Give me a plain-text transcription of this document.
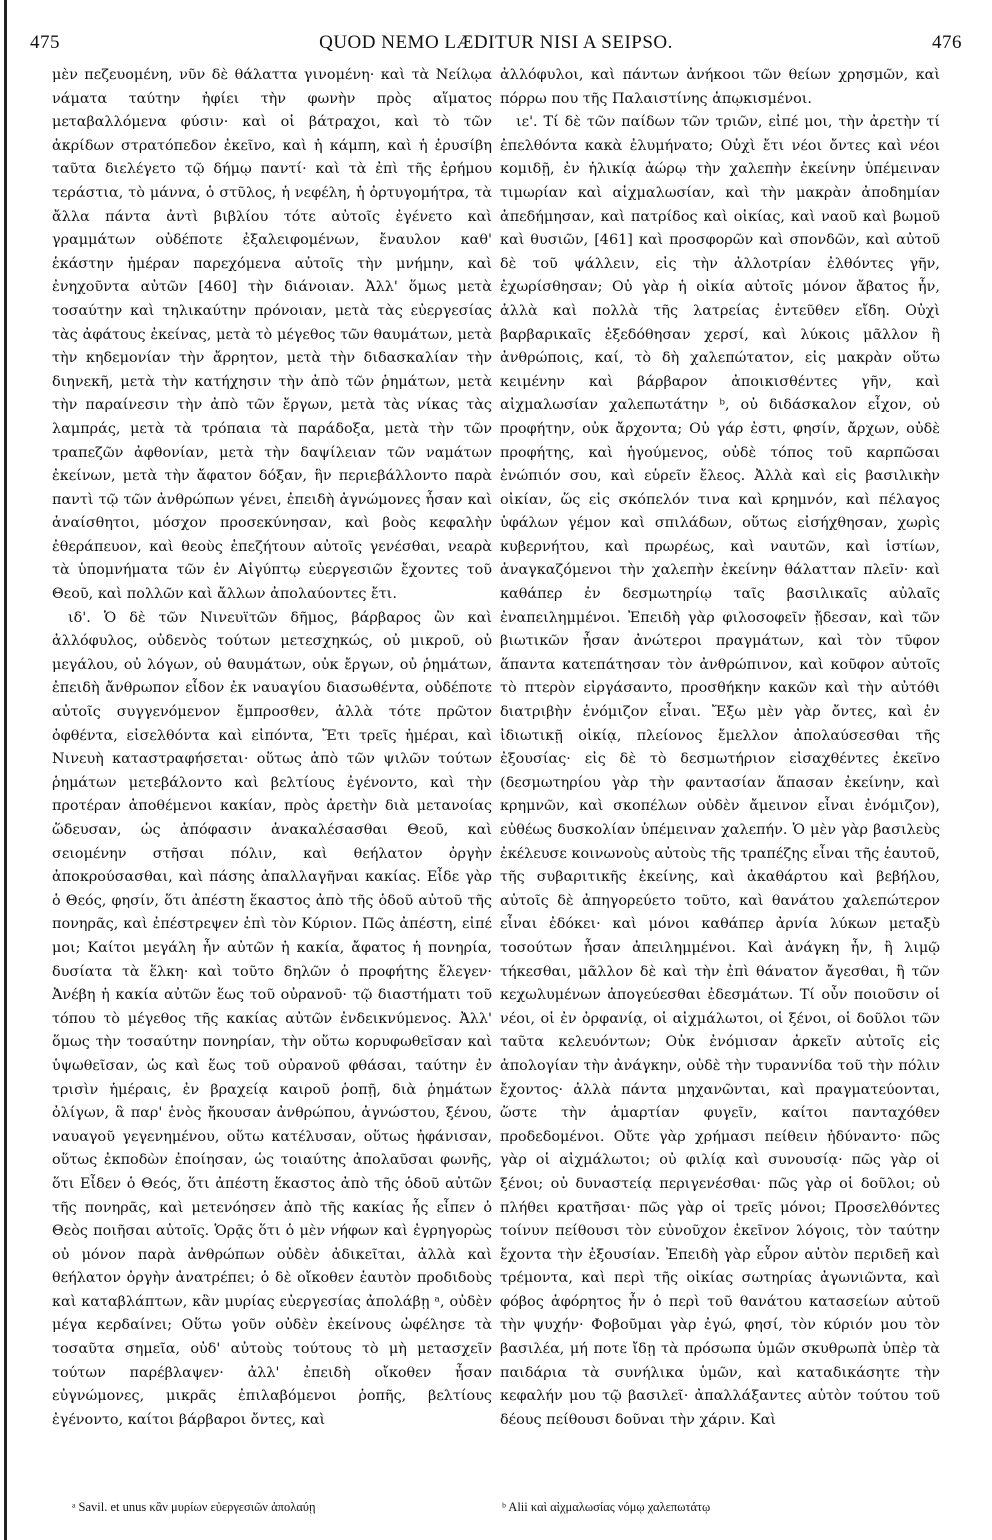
475	QUOD NEMO LÆDITUR NISI A SEIPSO.	476

μὲν πεζευομένη, νῦν δὲ θάλαττα γινομένη· καὶ τὰ Νείλῳα νάματα ταύτην ἠφίει τὴν φωνὴν πρὸς αἵματος μεταβαλλόμενα φύσιν· καὶ οἱ βάτραχοι, καὶ τὸ τῶν ἀκρίδων στρατόπεδον ἐκεῖνο, καὶ ἡ κάμπη, καὶ ἡ ἐρυσίβη ταῦτα διελέγετο τῷ δήμῳ παντί· καὶ τὰ ἐπὶ τῆς ἐρήμου τεράστια, τὸ μάννα, ὁ στῦλος, ἡ νεφέλη, ἡ ὀρτυγομήτρα, τὰ ἄλλα πάντα ἀντὶ βιβλίου τότε αὐτοῖς ἐγένετο καὶ γραμμάτων οὐδέποτε ἐξαλειφομένων, ἔναυλον καθ' ἑκάστην ἡμέραν παρεχόμενα αὐτοῖς τὴν μνήμην, καὶ ἐνηχοῦντα αὐτῶν [460] τὴν διάνοιαν. Ἀλλ' ὅμως μετὰ τοσαύτην καὶ τηλικαύτην πρόνοιαν, μετὰ τὰς εὐεργεσίας τὰς ἀφάτους ἐκείνας, μετὰ τὸ μέγεθος τῶν θαυμάτων, μετὰ τὴν κηδεμονίαν τὴν ἄρρητον, μετὰ τὴν διδασκαλίαν τὴν διηνεκῆ, μετὰ τὴν κατήχησιν τὴν ἀπὸ τῶν ῥημάτων, μετὰ τὴν παραίνεσιν τὴν ἀπὸ τῶν ἔργων, μετὰ τὰς νίκας τὰς λαμπράς, μετὰ τὰ τρόπαια τὰ παράδοξα, μετὰ τὴν τῶν τραπεζῶν ἀφθονίαν, μετὰ τὴν δαψίλειαν τῶν ναμάτων ἐκείνων, μετὰ τὴν ἄφατον δόξαν, ἣν περιεβάλλοντο παρὰ παντὶ τῷ τῶν ἀνθρώπων γένει, ἐπειδὴ ἀγνώμονες ἦσαν καὶ ἀναίσθητοι, μόσχον προσεκύνησαν, καὶ βοὸς κεφαλὴν ἐθεράπευον, καὶ θεοὺς ἐπεζήτουν αὐτοῖς γενέσθαι, νεαρὰ τὰ ὑπομνήματα τῶν ἐν Αἰγύπτῳ εὐεργεσιῶν ἔχοντες τοῦ Θεοῦ, καὶ πολλῶν καὶ ἄλλων ἀπολαύοντες ἔτι.

ιδ'. Ὁ δὲ τῶν Νινευϊτῶν δῆμος, βάρβαρος ὢν καὶ ἀλλόφυλος, οὐδενὸς τούτων μετεσχηκώς, οὐ μικροῦ, οὐ μεγάλου, οὐ λόγων, οὐ θαυμάτων, οὐκ ἔργων, οὐ ῥημάτων, ἐπειδὴ ἄνθρωπον εἶδον ἐκ ναυαγίου διασωθέντα, οὐδέποτε αὐτοῖς συγγενόμενον ἔμπροσθεν, ἀλλὰ τότε πρῶτον ὀφθέντα, εἰσελθόντα καὶ εἰπόντα, Ἔτι τρεῖς ἡμέραι, καὶ Νινευὴ καταστραφήσεται· οὕτως ἀπὸ τῶν ψιλῶν τούτων ῥημάτων μετεβάλοντο καὶ βελτίους ἐγένοντο, καὶ τὴν προτέραν ἀποθέμενοι κακίαν, πρὸς ἀρετὴν διὰ μετανοίας ὥδευσαν, ὡς ἀπόφασιν ἀνακαλέσασθαι Θεοῦ, καὶ σειομένην στῆσαι πόλιν, καὶ θεήλατον ὀργὴν ἀποκρούσασθαι, καὶ πάσης ἀπαλλαγῆναι κακίας. Εἶδε γὰρ ὁ Θεός, φησίν, ὅτι ἀπέστη ἕκαστος ἀπὸ τῆς ὁδοῦ αὐτοῦ τῆς πονηρᾶς, καὶ ἐπέστρεψεν ἐπὶ τὸν Κύριον. Πῶς ἀπέστη, εἰπέ μοι; Καίτοι μεγάλη ἦν αὐτῶν ἡ κακία, ἄφατος ἡ πονηρία, δυσίατα τὰ ἕλκη· καὶ τοῦτο δηλῶν ὁ προφήτης ἔλεγεν· Ἀνέβη ἡ κακία αὐτῶν ἕως τοῦ οὐρανοῦ· τῷ διαστήματι τοῦ τόπου τὸ μέγεθος τῆς κακίας αὐτῶν ἐνδεικνύμενος. Ἀλλ' ὅμως τὴν τοσαύτην πονηρίαν, τὴν οὕτω κορυφωθεῖσαν καὶ ὑψωθεῖσαν, ὡς καὶ ἕως τοῦ οὐρανοῦ φθάσαι, ταύτην ἐν τρισὶν ἡμέραις, ἐν βραχείᾳ καιροῦ ῥοπῇ, διὰ ῥημάτων ὀλίγων, ἃ παρ' ἑνὸς ἤκουσαν ἀνθρώπου, ἀγνώστου, ξένου, ναυαγοῦ γεγενημένου, οὕτω κατέλυσαν, οὕτως ἠφάνισαν, οὕτως ἐκποδὼν ἐποίησαν, ὡς τοιαύτης ἀπολαῦσαι φωνῆς, ὅτι Εἶδεν ὁ Θεός, ὅτι ἀπέστη ἕκαστος ἀπὸ τῆς ὁδοῦ αὐτῶν τῆς πονηρᾶς, καὶ μετενόησεν ἀπὸ τῆς κακίας ἧς εἶπεν ὁ Θεὸς ποιῆσαι αὐτοῖς. Ὁρᾷς ὅτι ὁ μὲν νήφων καὶ ἐγρηγορὼς οὐ μόνον παρὰ ἀνθρώπων οὐδὲν ἀδικεῖται, ἀλλὰ καὶ θεήλατον ὀργὴν ἀνατρέπει; ὁ δὲ οἴκοθεν ἑαυτὸν προδιδοὺς καὶ καταβλάπτων, κἂν μυρίας εὐεργεσίας ἀπολάβῃ ᵃ, οὐδὲν μέγα κερδαίνει; Οὕτω γοῦν οὐδὲν ἐκείνους ὠφέλησε τὰ τοσαῦτα σημεῖα, οὐδ' αὐτοὺς τούτους τὸ μὴ μετασχεῖν τούτων παρέβλαψεν· ἀλλ' ἐπειδὴ οἴκοθεν ἦσαν εὐγνώμονες, μικρᾶς ἐπιλαβόμενοι ῥοπῆς, βελτίους ἐγένοντο, καίτοι βάρβαροι ὄντες, καὶ

ἀλλόφυλοι, καὶ πάντων ἀνήκοοι τῶν θείων χρησμῶν, καὶ πόρρω που τῆς Παλαιστίνης ἀπῳκισμένοι.

ιε'. Τί δὲ τῶν παίδων τῶν τριῶν, εἰπέ μοι, τὴν ἀρετὴν τί ἐπελθόντα κακὰ ἐλυμήνατο; Οὐχὶ ἔτι νέοι ὄντες καὶ νέοι κομιδῇ, ἐν ἡλικίᾳ ἀώρῳ τὴν χαλεπὴν ἐκείνην ὑπέμειναν τιμωρίαν καὶ αἰχμαλωσίαν, καὶ τὴν μακρὰν ἀποδημίαν ἀπεδήμησαν, καὶ πατρίδος καὶ οἰκίας, καὶ ναοῦ καὶ βωμοῦ καὶ θυσιῶν, [461] καὶ προσφορῶν καὶ σπονδῶν, καὶ αὐτοῦ δὲ τοῦ ψάλλειν, εἰς τὴν ἀλλοτρίαν ἐλθόντες γῆν, ἐχωρίσθησαν; Οὐ γὰρ ἡ οἰκία αὐτοῖς μόνον ἄβατος ἦν, ἀλλὰ καὶ πολλὰ τῆς λατρείας ἐντεῦθεν εἴδη. Οὐχὶ βαρβαρικαῖς ἐξεδόθησαν χερσί, καὶ λύκοις μᾶλλον ἢ ἀνθρώποις, καί, τὸ δὴ χαλεπώτατον, εἰς μακρὰν οὕτω κειμένην καὶ βάρβαρον ἀποικισθέντες γῆν, καὶ αἰχμαλωσίαν χαλεπωτάτην ᵇ, οὐ διδάσκαλον εἶχον, οὐ προφήτην, οὐκ ἄρχοντα; Οὐ γάρ ἐστι, φησίν, ἄρχων, οὐδὲ προφήτης, καὶ ἡγούμενος, οὐδὲ τόπος τοῦ καρπῶσαι ἐνώπιόν σου, καὶ εὑρεῖν ἔλεος. Ἀλλὰ καὶ εἰς βασιλικὴν οἰκίαν, ὥς εἰς σκόπελόν τινα καὶ κρημνόν, καὶ πέλαγος ὑφάλων γέμον καὶ σπιλάδων, οὕτως εἰσήχθησαν, χωρὶς κυβερνήτου, καὶ πρωρέως, καὶ ναυτῶν, καὶ ἱστίων, ἀναγκαζόμενοι τὴν χαλεπὴν ἐκείνην θάλατταν πλεῖν· καὶ καθάπερ ἐν δεσμωτηρίῳ ταῖς βασιλικαῖς αὐλαῖς ἐναπειλημμένοι. Ἐπειδὴ γὰρ φιλοσοφεῖν ᾔδεσαν, καὶ τῶν βιωτικῶν ἦσαν ἀνώτεροι πραγμάτων, καὶ τὸν τῦφον ἅπαντα κατεπάτησαν τὸν ἀνθρώπινον, καὶ κοῦφον αὐτοῖς τὸ πτερὸν εἰργάσαντο, προσθήκην κακῶν καὶ τὴν αὐτόθι διατριβὴν ἐνόμιζον εἶναι. Ἔξω μὲν γὰρ ὄντες, καὶ ἐν ἰδιωτικῇ οἰκίᾳ, πλείονος ἔμελλον ἀπολαύσεσθαι τῆς ἐξουσίας· εἰς δὲ τὸ δεσμωτήριον εἰσαχθέντες ἐκεῖνο (δεσμωτηρίου γὰρ τὴν φαντασίαν ἅπασαν ἐκείνην, καὶ κρημνῶν, καὶ σκοπέλων οὐδὲν ἄμεινον εἶναι ἐνόμιζον), εὐθέως δυσκολίαν ὑπέμειναν χαλεπήν. Ὁ μὲν γὰρ βασιλεὺς ἐκέλευσε κοινωνοὺς αὐτοὺς τῆς τραπέζης εἶναι τῆς ἑαυτοῦ, τῆς συβαριτικῆς ἐκείνης, καὶ ἀκαθάρτου καὶ βεβήλου, αὐτοῖς δὲ ἀπηγορεύετο τοῦτο, καὶ θανάτου χαλεπώτερον εἶναι ἐδόκει· καὶ μόνοι καθάπερ ἀρνία λύκων μεταξὺ τοσούτων ἦσαν ἀπειλημμένοι. Καὶ ἀνάγκη ἦν, ἢ λιμῷ τήκεσθαι, μᾶλλον δὲ καὶ τὴν ἐπὶ θάνατον ἄγεσθαι, ἢ τῶν κεχωλυμένων ἀπογεύεσθαι ἐδεσμάτων. Τί οὖν ποιοῦσιν οἱ νέοι, οἱ ἐν ὀρφανίᾳ, οἱ αἰχμάλωτοι, οἱ ξένοι, οἱ δοῦλοι τῶν ταῦτα κελευόντων; Οὐκ ἐνόμισαν ἀρκεῖν αὐτοῖς εἰς ἀπολογίαν τὴν ἀνάγκην, οὐδὲ τὴν τυραννίδα τοῦ τὴν πόλιν ἔχοντος· ἀλλὰ πάντα μηχανῶνται, καὶ πραγματεύονται, ὥστε τὴν ἁμαρτίαν φυγεῖν, καίτοι πανταχόθεν προδεδομένοι. Οὔτε γὰρ χρήμασι πείθειν ἠδύναντο· πῶς γὰρ οἱ αἰχμάλωτοι; οὐ φιλίᾳ καὶ συνουσίᾳ· πῶς γὰρ οἱ ξένοι; οὐ δυναστείᾳ περιγενέσθαι· πῶς γὰρ οἱ δοῦλοι; οὐ πλήθει κρατῆσαι· πῶς γὰρ οἱ τρεῖς μόνοι; Προσελθόντες τοίνυν πείθουσι τὸν εὐνοῦχον ἐκεῖνον λόγοις, τὸν ταύτην ἔχοντα τὴν ἐξουσίαν. Ἐπειδὴ γὰρ εὗρον αὐτὸν περιδεῆ καὶ τρέμοντα, καὶ περὶ τῆς οἰκίας σωτηρίας ἀγωνιῶντα, καὶ φόβος ἀφόρητος ἦν ὁ περὶ τοῦ θανάτου κατασείων αὐτοῦ τὴν ψυχήν· Φοβοῦμαι γὰρ ἐγώ, φησί, τὸν κύριόν μου τὸν βασιλέα, μή ποτε ἴδῃ τὰ πρόσωπα ὑμῶν σκυθρωπὰ ὑπὲρ τὰ παιδάρια τὰ συνήλικα ὑμῶν, καὶ καταδικάσητε τὴν κεφαλήν μου τῷ βασιλεῖ· ἀπαλλάξαντες αὐτὸν τούτου τοῦ δέους πείθουσι δοῦναι τὴν χάριν. Καὶ

ᵃ Savil. et unus κἂν μυρίων εὐεργεσιῶν ἀπολαύῃ	ᵇ Alii καὶ αἰχμαλωσίας νόμῳ χαλεπωτάτῳ
